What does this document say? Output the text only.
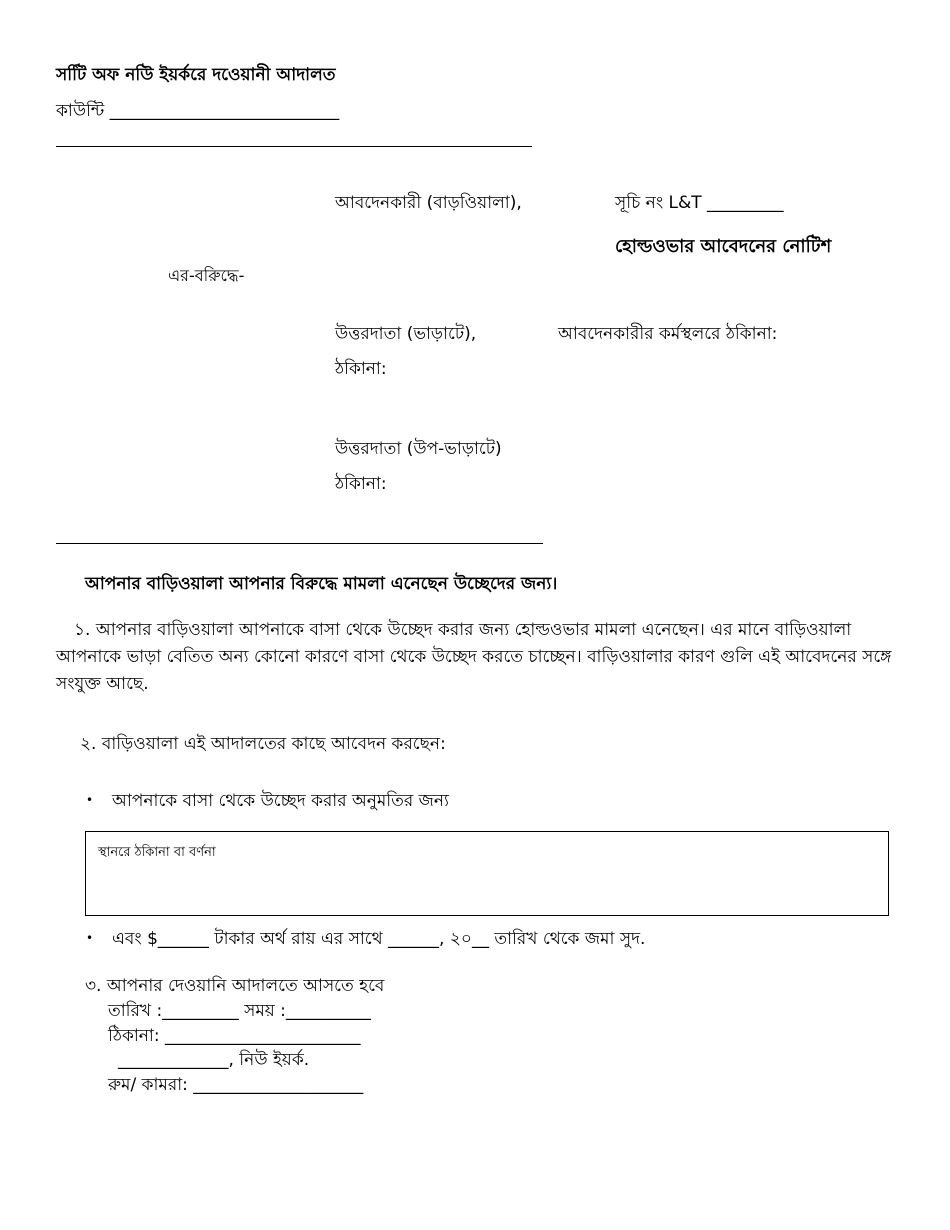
সটিি অফ নউি ইয়র্করে দওেয়ানী আদালত
কাউন্টি ___________________________
আবদেনকারী (বাড়ওিয়ালা),	সূচি নং L&T _________
হোল্ডওভার আবেদনের নোটিশ
এর-বরিুদ্ধে-
উত্তরদাতা (ভাড়াটে),	আবদেনকারীর কর্মস্থলরে ঠকিানা:
ঠকিানা:
উত্তরদাতা (উপ-ভাড়াটে)
ঠকিানা:
আপনার বাড়িওয়ালা আপনার বিরুদ্ধে মামলা এনেছেন উচ্ছেদের জন্য।
১. আপনার বাড়িওয়ালা আপনাকে বাসা থেকে উচ্ছেদ করার জন্য হোল্ডওভার মামলা এনেছেন। এর মানে বাড়িওয়ালা আপনাকে ভাড়া বেতিত অন্য কোনো কারণে বাসা থেকে উচ্ছেদ করতে চাচ্ছেন। বাড়িওয়ালার কারণ গুলি এই আবেদনের সঙ্গে সংযুক্ত আছে.
২. বাড়িওয়ালা এই আদালতের কাছে আবেদন করছেন:
• আপনাকে বাসা থেকে উচ্ছেদ করার অনুমতির জন্য
স্থানরে ঠকিানা বা বর্ণনা
• এবং $______ টাকার অর্থ রায় এর সাথে ______, ২০__ তারিখ থেকে জমা সুদ.
৩. আপনার দেওয়ানি আদালতে আসতে হবে
তারিখ :_________ সময় :__________
ঠিকানা: _______________________
_____________, নিউ ইয়র্ক.
রুম/ কামরা: ____________________
